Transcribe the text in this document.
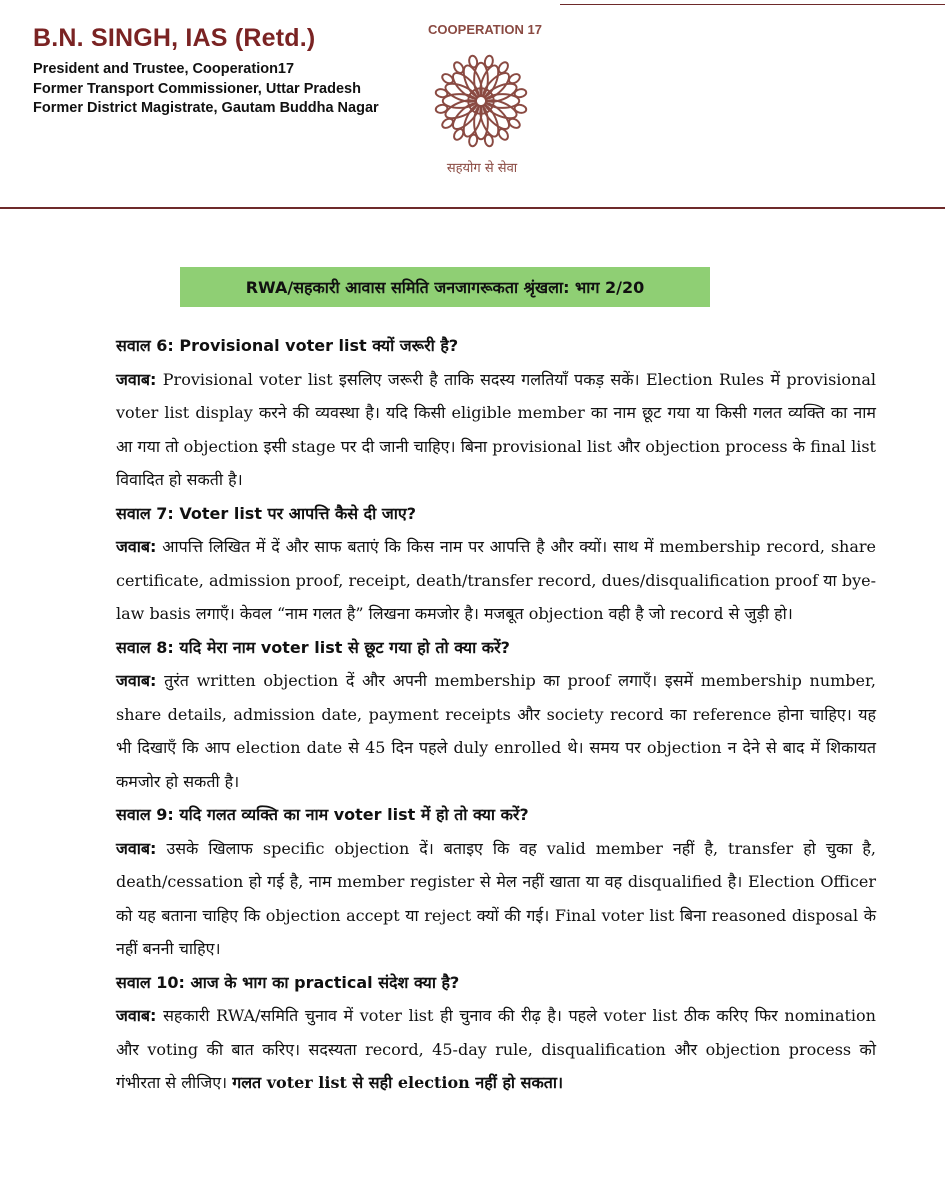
B.N. SINGH, IAS (Retd.)
President and Trustee, Cooperation17
Former Transport Commissioner, Uttar Pradesh
Former District Magistrate, Gautam Buddha Nagar
COOPERATION 17
सहयोग से सेवा
RWA/सहकारी आवास समिति जनजागरूकता श्रृंखला: भाग 2/20

सवाल 6: Provisional voter list क्यों जरूरी है?

जवाब: Provisional voter list इसलिए जरूरी है ताकि सदस्य गलतियाँ पकड़ सकें। Election Rules में provisional voter list display करने की व्यवस्था है। यदि किसी eligible member का नाम छूट गया या किसी गलत व्यक्ति का नाम आ गया तो objection इसी stage पर दी जानी चाहिए। बिना provisional list और objection process के final list विवादित हो सकती है।

सवाल 7: Voter list पर आपत्ति कैसे दी जाए?

जवाब: आपत्ति लिखित में दें और साफ बताएं कि किस नाम पर आपत्ति है और क्यों। साथ में membership record, share certificate, admission proof, receipt, death/transfer record, dues/disqualification proof या bye-law basis लगाएँ। केवल “नाम गलत है” लिखना कमजोर है। मजबूत objection वही है जो record से जुड़ी हो।

सवाल 8: यदि मेरा नाम voter list से छूट गया हो तो क्या करें?

जवाब: तुरंत written objection दें और अपनी membership का proof लगाएँ। इसमें membership number, share details, admission date, payment receipts और society record का reference होना चाहिए। यह भी दिखाएँ कि आप election date से 45 दिन पहले duly enrolled थे। समय पर objection न देने से बाद में शिकायत कमजोर हो सकती है।

सवाल 9: यदि गलत व्यक्ति का नाम voter list में हो तो क्या करें?

जवाब: उसके खिलाफ specific objection दें। बताइए कि वह valid member नहीं है, transfer हो चुका है, death/cessation हो गई है, नाम member register से मेल नहीं खाता या वह disqualified है। Election Officer को यह बताना चाहिए कि objection accept या reject क्यों की गई। Final voter list बिना reasoned disposal के नहीं बननी चाहिए।

सवाल 10: आज के भाग का practical संदेश क्या है?

जवाब: सहकारी RWA/समिति चुनाव में voter list ही चुनाव की रीढ़ है। पहले voter list ठीक करिए फिर nomination और voting की बात करिए। सदस्यता record, 45-day rule, disqualification और objection process को गंभीरता से लीजिए। गलत voter list से सही election नहीं हो सकता।
